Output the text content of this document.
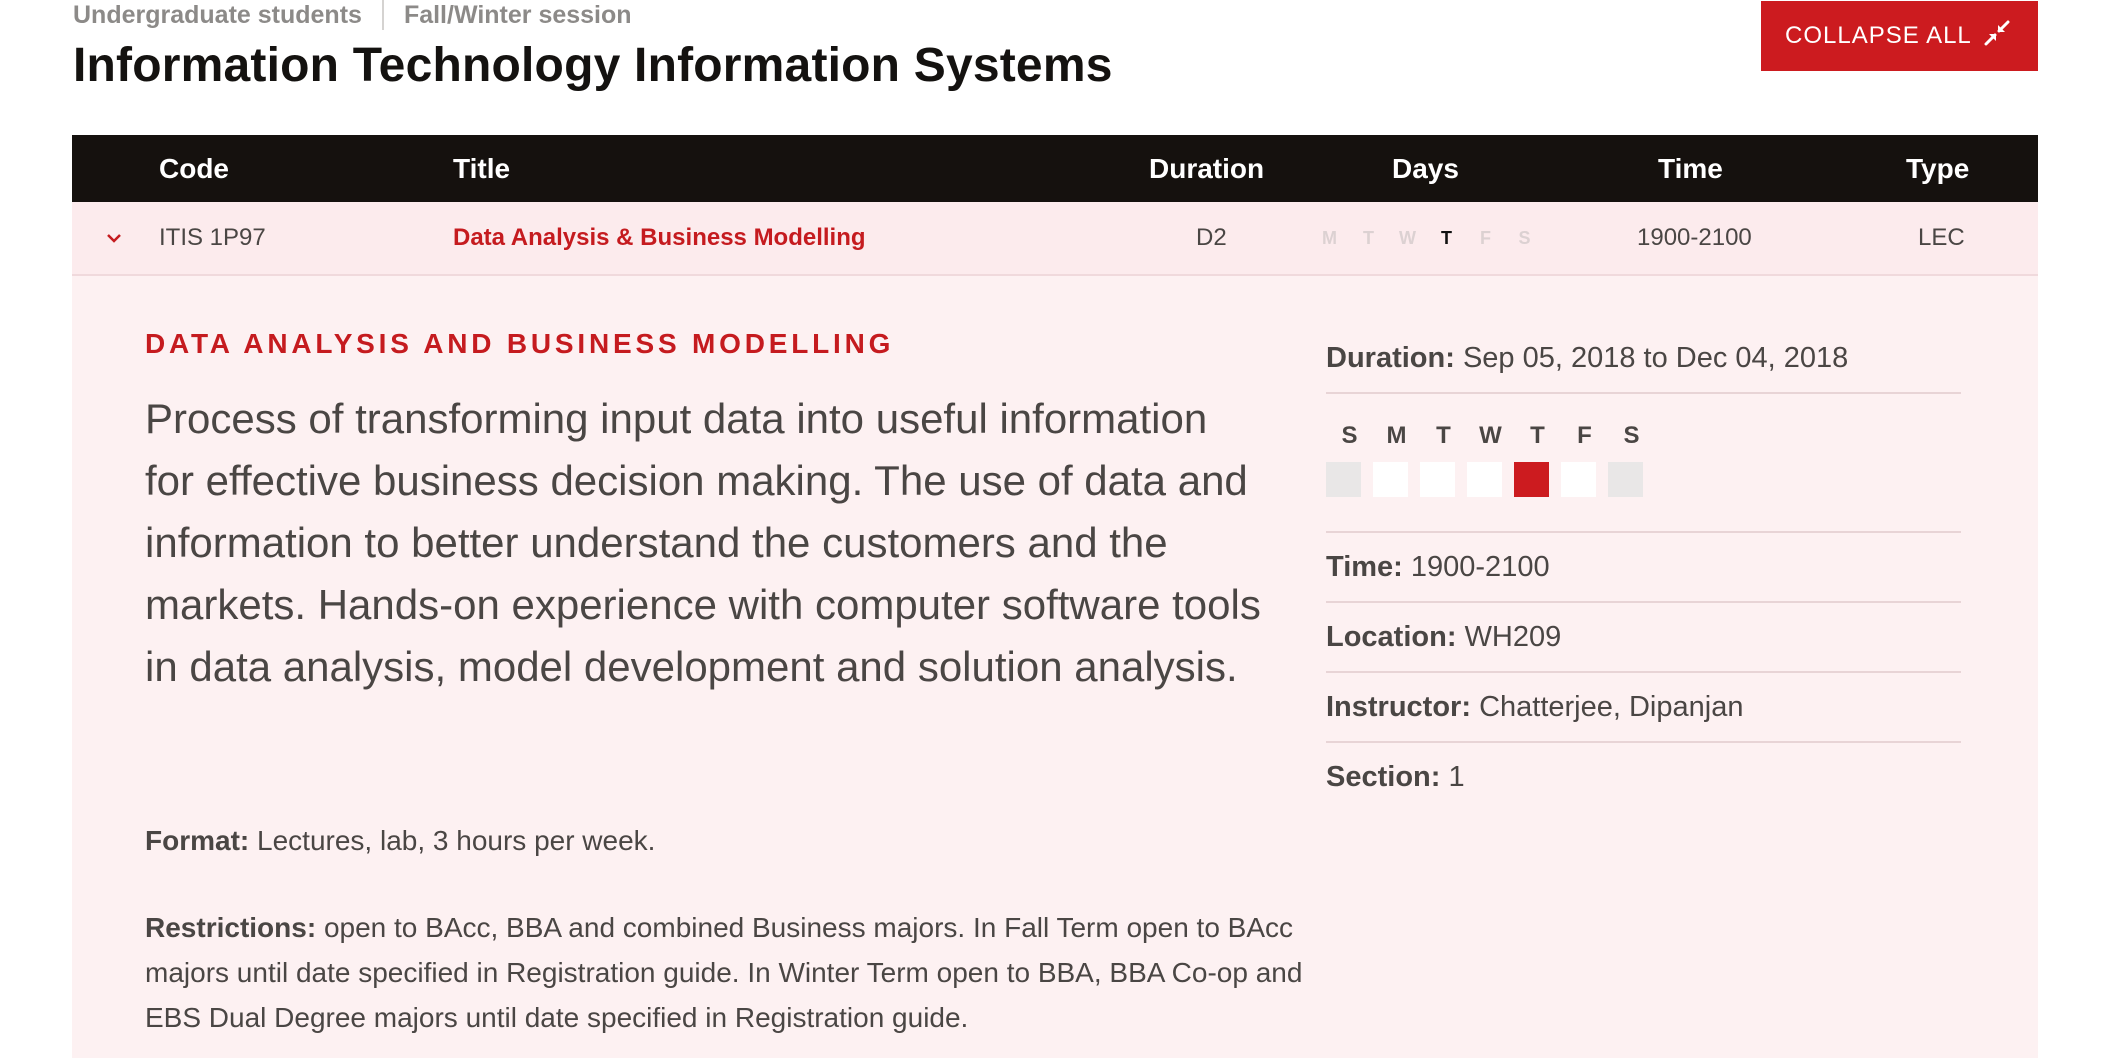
Undergraduate students Fall/Winter session
Information Technology Information Systems
COLLAPSE ALL
Code	Title	Duration	Days	Time	Type
ITIS 1P97	Data Analysis & Business Modelling	D2	M	T	W	T	F	S	1900-2100	LEC
DATA ANALYSIS AND BUSINESS MODELLING

Process of transforming input data into useful information for effective business decision making. The use of data and information to better understand the customers and the markets. Hands-on experience with computer software tools in data analysis, model development and solution analysis.

Format: Lectures, lab, 3 hours per week.

Restrictions: open to BAcc, BBA and combined Business majors. In Fall Term open to BAcc majors until date specified in Registration guide. In Winter Term open to BBA, BBA Co-op and EBS Dual Degree majors until date specified in Registration guide.

Duration:
Sep 05, 2018 to Dec 04, 2018
S	M	T	W	T	F	S
Time:
1900-2100
Location:
WH209
Instructor:
Chatterjee, Dipanjan
Section:
1
